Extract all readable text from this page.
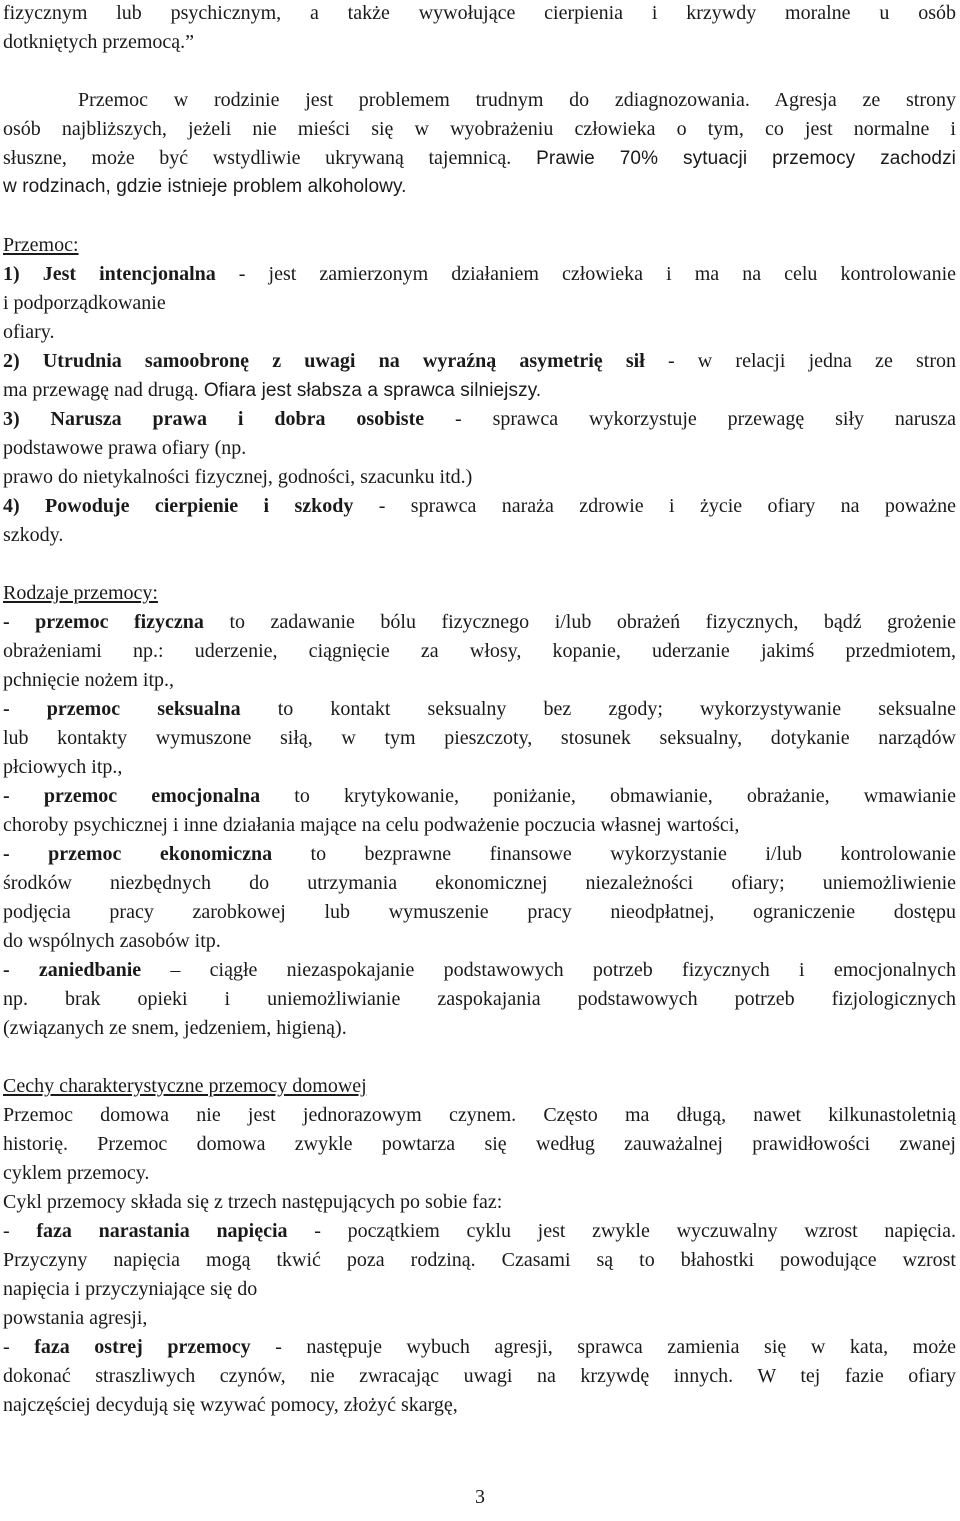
fizycznym lub psychicznym, a także wywołujące cierpienia i krzywdy moralne u osób
dotkniętych przemocą.”
Przemoc w rodzinie jest problemem trudnym do zdiagnozowania. Agresja ze strony
osób najbliższych, jeżeli nie mieści się w wyobrażeniu człowieka o tym, co jest normalne i
słuszne, może być wstydliwie ukrywaną tajemnicą. Prawie 70% sytuacji przemocy zachodzi
w rodzinach, gdzie istnieje problem alkoholowy.
Przemoc:
1) Jest intencjonalna - jest zamierzonym działaniem człowieka i ma na celu kontrolowanie
i podporządkowanie
ofiary.
2) Utrudnia samoobronę z uwagi na wyraźną asymetrię sił - w relacji jedna ze stron
ma przewagę nad drugą. Ofiara jest słabsza a sprawca silniejszy.
3) Narusza prawa i dobra osobiste - sprawca wykorzystuje przewagę siły narusza
podstawowe prawa ofiary (np.
prawo do nietykalności fizycznej, godności, szacunku itd.)
4) Powoduje cierpienie i szkody - sprawca naraża zdrowie i życie ofiary na poważne
szkody.
Rodzaje przemocy:
- przemoc fizyczna to zadawanie bólu fizycznego i/lub obrażeń fizycznych, bądź grożenie
obrażeniami np.: uderzenie, ciągnięcie za włosy, kopanie, uderzanie jakimś przedmiotem,
pchnięcie nożem itp.,
- przemoc seksualna to kontakt seksualny bez zgody; wykorzystywanie seksualne
lub kontakty wymuszone siłą, w tym pieszczoty, stosunek seksualny, dotykanie narządów
płciowych itp.,
- przemoc emocjonalna to krytykowanie, poniżanie, obmawianie, obrażanie, wmawianie
choroby psychicznej i inne działania mające na celu podważenie poczucia własnej wartości,
- przemoc ekonomiczna to bezprawne finansowe wykorzystanie i/lub kontrolowanie
środków niezbędnych do utrzymania ekonomicznej niezależności ofiary; uniemożliwienie
podjęcia pracy zarobkowej lub wymuszenie pracy nieodpłatnej, ograniczenie dostępu
do wspólnych zasobów itp.
- zaniedbanie – ciągłe niezaspokajanie podstawowych potrzeb fizycznych i emocjonalnych
np. brak opieki i uniemożliwianie zaspokajania podstawowych potrzeb fizjologicznych
(związanych ze snem, jedzeniem, higieną).
Cechy charakterystyczne przemocy domowej
Przemoc domowa nie jest jednorazowym czynem. Często ma długą, nawet kilkunastoletnią
historię. Przemoc domowa zwykle powtarza się według zauważalnej prawidłowości zwanej
cyklem przemocy.
Cykl przemocy składa się z trzech następujących po sobie faz:
- faza narastania napięcia - początkiem cyklu jest zwykle wyczuwalny wzrost napięcia.
Przyczyny napięcia mogą tkwić poza rodziną. Czasami są to błahostki powodujące wzrost
napięcia i przyczyniające się do
powstania agresji,
- faza ostrej przemocy - następuje wybuch agresji, sprawca zamienia się w kata, może
dokonać straszliwych czynów, nie zwracając uwagi na krzywdę innych. W tej fazie ofiary
najczęściej decydują się wzywać pomocy, złożyć skargę,
3
